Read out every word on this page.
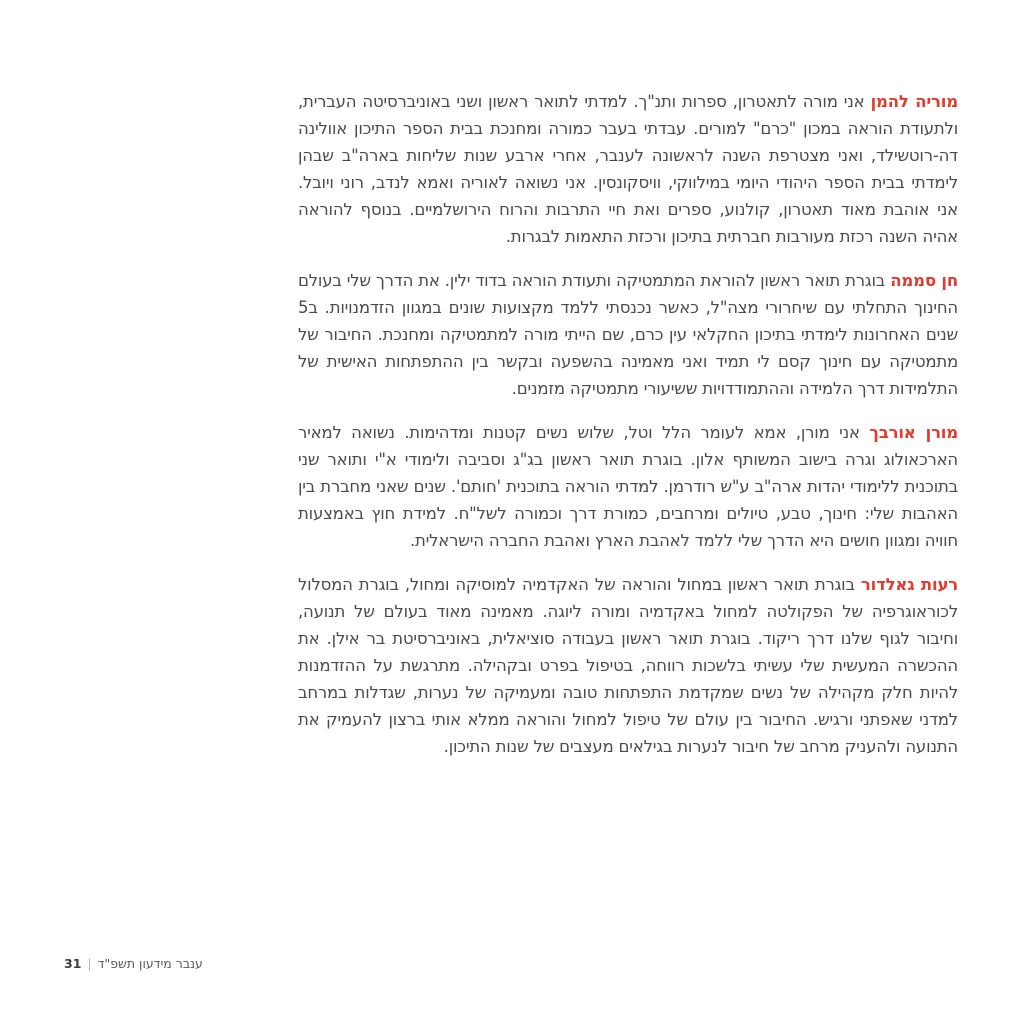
מוריה להמן אני מורה לתאטרון, ספרות ותנ"ך. למדתי לתואר ראשון ושני באוניברסיטה העברית, ולתעודת הוראה במכון "כרם" למורים. עבדתי בעבר כמורה ומחנכת בבית הספר התיכון אוולינה דה-רוטשילד, ואני מצטרפת השנה לראשונה לענבר, אחרי ארבע שנות שליחות בארה"ב שבהן לימדתי בבית הספר היהודי היומי במילווקי, וויסקונסין. אני נשואה לאוריה ואמא לנדב, רוני ויובל. אני אוהבת מאוד תאטרון, קולנוע, ספרים ואת חיי התרבות והרוח הירושלמיים. בנוסף להוראה אהיה השנה רכזת מעורבות חברתית בתיכון ורכזת התאמות לבגרות.

חן סממה בוגרת תואר ראשון להוראת המתמטיקה ותעודת הוראה בדוד ילין. את הדרך שלי בעולם החינוך התחלתי עם שיחרורי מצה"ל, כאשר נכנסתי ללמד מקצועות שונים במגוון הזדמנויות. ב5 שנים האחרונות לימדתי בתיכון החקלאי עין כרם, שם הייתי מורה למתמטיקה ומחנכת. החיבור של מתמטיקה עם חינוך קסם לי תמיד ואני מאמינה בהשפעה ובקשר בין ההתפתחות האישית של התלמידות דרך הלמידה וההתמודדויות ששיעורי מתמטיקה מזמנים.

מורן אורבך אני מורן, אמא לעומר הלל וטל, שלוש נשים קטנות ומדהימות. נשואה למאיר הארכאולוג וגרה בישוב המשותף אלון. בוגרת תואר ראשון בג"ג וסביבה ולימודי א"י ותואר שני בתוכנית ללימודי יהדות ארה"ב ע"ש רודרמן. למדתי הוראה בתוכנית 'חותם'. שנים שאני מחברת בין האהבות שלי: חינוך, טבע, טיולים ומרחבים, כמורת דרך וכמורה לשל"ח. למידת חוץ באמצעות חוויה ומגוון חושים היא הדרך שלי ללמד לאהבת הארץ ואהבת החברה הישראלית.

רעות גאלדור בוגרת תואר ראשון במחול והוראה של האקדמיה למוסיקה ומחול, בוגרת המסלול לכוראוגרפיה של הפקולטה למחול באקדמיה ומורה ליוגה. מאמינה מאוד בעולם של תנועה, וחיבור לגוף שלנו דרך ריקוד. בוגרת תואר ראשון בעבודה סוציאלית, באוניברסיטת בר אילן. את ההכשרה המעשית שלי עשיתי בלשכות רווחה, בטיפול בפרט ובקהילה. מתרגשת על ההזדמנות להיות חלק מקהילה של נשים שמקדמת התפתחות טובה ומעמיקה של נערות, שגדלות במרחב למדני שאפתני ורגיש. החיבור בין עולם של טיפול למחול והוראה ממלא אותי ברצון להעמיק את התנועה ולהעניק מרחב של חיבור לנערות בגילאים מעצבים של שנות התיכון.

ענבר מידעון תשפ"ד|31
